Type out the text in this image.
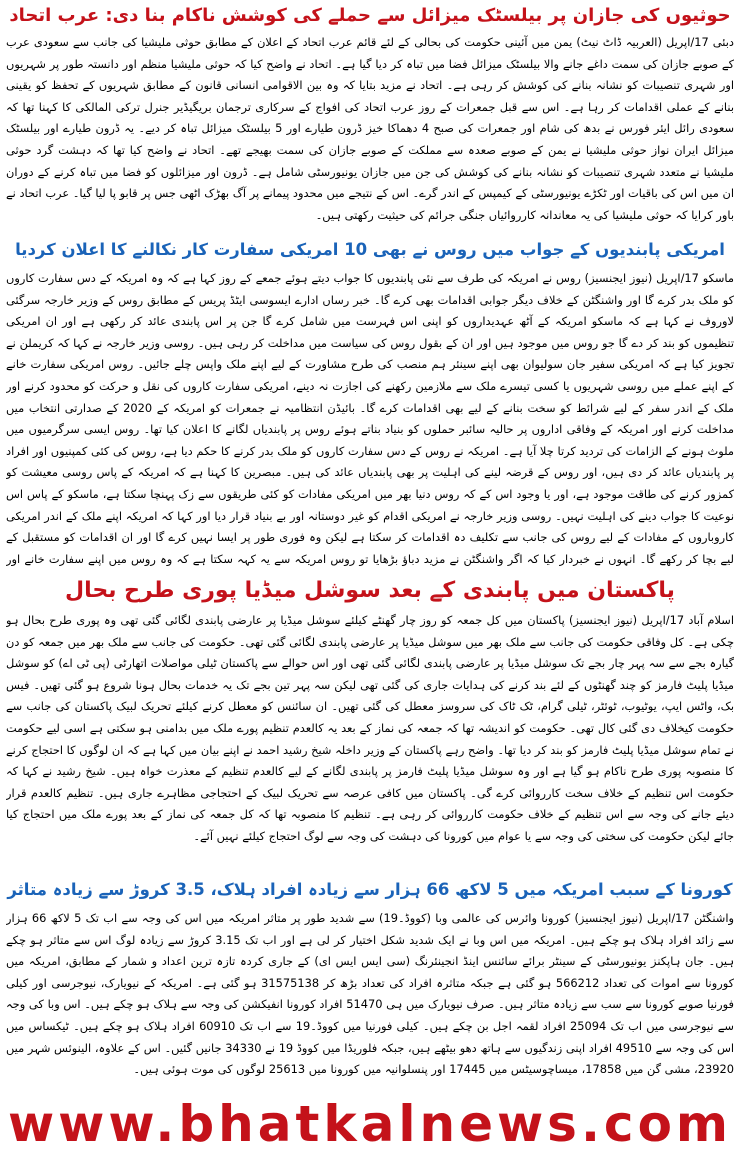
حوثیوں کی جازان پر بیلسٹک میزائل سے حملے کی کوشش ناکام بنا دی: عرب اتحاد

دبئی 17/اپریل (العربیہ ڈاٹ نیٹ) یمن میں آئینی حکومت کی بحالی کے لئے قائم عرب اتحاد کے اعلان کے مطابق حوثی ملیشیا کی جانب سے سعودی عرب کے صوبے جازان کی سمت داغے جانے والا بیلسٹک میزائل فضا میں تباہ کر دیا گیا ہے۔ اتحاد نے واضح کیا کہ حوثی ملیشیا منظم اور دانستہ طور پر شہریوں اور شہری تنصیبات کو نشانہ بنانے کی کوشش کر رہی ہے۔ اتحاد نے مزید بتایا کہ وہ بین الاقوامی انسانی قانون کے مطابق شہریوں کے تحفظ کو یقینی بنانے کے عملی اقدامات کر رہا ہے۔ اس سے قبل جمعرات کے روز عرب اتحاد کی افواج کے سرکاری ترجمان بریگیڈیر جنرل ترکی المالکی کا کہنا تھا کہ سعودی رائل ایئر فورس نے بدھ کی شام اور جمعرات کی صبح 4 دھماکا خیز ڈرون طیارے اور 5 بیلسٹک میزائل تباہ کر دیے۔ یہ ڈرون طیارے اور بیلسٹک میزائل ایران نواز حوثی ملیشیا نے یمن کے صوبے صعدہ سے مملکت کے صوبے جازان کی سمت بھیجے تھے۔ اتحاد نے واضح کیا تھا کہ دہشت گرد حوثی ملیشیا نے متعدد شہری تنصیبات کو نشانہ بنانے کی کوشش کی جن میں جازان یونیورسٹی شامل ہے۔ ڈرون اور میزائلوں کو فضا میں تباہ کرنے کے دوران ان میں اس کی باقیات اور ٹکڑے یونیورسٹی کے کیمپس کے اندر گرے۔ اس کے نتیجے میں محدود پیمانے پر آگ بھڑک اٹھی جس پر قابو پا لیا گیا۔ عرب اتحاد نے باور کرایا کہ حوثی ملیشیا کی یہ معاندانہ کارروائیاں جنگی جرائم کی حیثیت رکھتی ہیں۔

امریکی پابندیوں کے جواب میں روس نے بھی 10 امریکی سفارت کار نکالنے کا اعلان کردیا

ماسکو 17/اپریل (نیوز ایجنسیز) روس نے امریکہ کی طرف سے نئی پابندیوں کا جواب دیتے ہوئے جمعے کے روز کہا ہے کہ وہ امریکہ کے دس سفارت کاروں کو ملک بدر کرے گا اور واشنگٹن کے خلاف دیگر جوابی اقدامات بھی کرے گا۔ خبر رساں ادارے ایسوسی ایٹڈ پریس کے مطابق روس کے وزیر خارجہ سرگئی لاوروف نے کہا ہے کہ ماسکو امریکہ کے آٹھ عہدیداروں کو اپنی اس فہرست میں شامل کرے گا جن پر اس پابندی عائد کر رکھی ہے اور ان امریکی تنظیموں کو بند کر دے گا جو روس میں موجود ہیں اور ان کے بقول روس کی سیاست میں مداخلت کر رہی ہیں۔ روسی وزیر خارجہ نے کہا کہ کریملن نے تجویز کیا ہے کہ امریکی سفیر جان سولیوان بھی اپنے سینئر ہم منصب کی طرح مشاورت کے لیے اپنے ملک واپس چلے جائیں۔ روس امریکی سفارت خانے کے اپنے عملے میں روسی شہریوں یا کسی تیسرے ملک سے ملازمین رکھنے کی اجازت نہ دینے، امریکی سفارت کاروں کی نقل و حرکت کو محدود کرنے اور ملک کے اندر سفر کے لیے شرائط کو سخت بنانے کے لیے بھی اقدامات کرے گا۔ بائیڈن انتظامیہ نے جمعرات کو امریکہ کے 2020 کے صدارتی انتخاب میں مداخلت کرنے اور امریکہ کے وفاقی اداروں پر حالیہ سائبر حملوں کو بنیاد بناتے ہوئے روس پر پابندیاں لگانے کا اعلان کیا تھا۔ روس ایسی سرگرمیوں میں ملوث ہونے کے الزامات کی تردید کرتا چلا آیا ہے۔ امریکہ نے روس کے دس سفارت کاروں کو ملک بدر کرنے کا حکم دیا ہے، روس کی کئی کمپنیوں اور افراد پر پابندیاں عائد کر دی ہیں، اور روس کے قرضہ لینے کی اہلیت پر بھی پابندیاں عائد کی ہیں۔ مبصرین کا کہنا ہے کہ امریکہ کے پاس روسی معیشت کو کمزور کرنے کی طاقت موجود ہے، اور یا وجود اس کے کہ روس دنیا بھر میں امریکی مفادات کو کئی طریقوں سے زک پہنچا سکتا ہے، ماسکو کے پاس اس نوعیت کا جواب دینے کی اہلیت نہیں۔ روسی وزیر خارجہ نے امریکی اقدام کو غیر دوستانہ اور بے بنیاد قرار دیا اور کہا کہ امریکہ اپنے ملک کے اندر امریکی کاروباروں کے مفادات کے لیے روس کی جانب سے تکلیف دہ اقدامات کر سکتا ہے لیکن وہ فوری طور پر ایسا نہیں کرے گا اور ان اقدامات کو مستقبل کے لیے بچا کر رکھے گا۔ انہوں نے خبردار کیا کہ اگر واشنگٹن نے مزید دباؤ بڑھایا تو روس امریکہ سے یہ کہہ سکتا ہے کہ وہ روس میں اپنے سفارت خانے اور

پاکستان میں پابندی کے بعد سوشل میڈیا پوری طرح بحال

اسلام آباد 17/اپریل (نیوز ایجنسیز) پاکستان میں کل جمعہ کو روز چار گھنٹے کیلئے سوشل میڈیا پر عارضی پابندی لگائی گئی تھی وہ پوری طرح بحال ہو چکی ہے۔ کل وفاقی حکومت کی جانب سے ملک بھر میں سوشل میڈیا پر عارضی پابندی لگائی گئی تھی۔ حکومت کی جانب سے ملک بھر میں جمعہ کو دن گیارہ بجے سے سہ پہر چار بجے تک سوشل میڈیا پر عارضی پابندی لگائی گئی تھی اور اس حوالے سے پاکستان ٹیلی مواصلات اتھارٹی (پی ٹی اے) کو سوشل میڈیا پلیٹ فارمز کو چند گھنٹوں کے لئے بند کرنے کی ہدایات جاری کی گئی تھی لیکن سہ پہر تین بجے تک یہ خدمات بحال ہونا شروع ہو گئی تھیں۔ فیس بک، واٹس ایپ، یوٹیوب، ٹوئٹر، ٹیلی گرام، ٹک ٹاک کی سروسز معطل کی گئی تھیں۔ ان سائنس کو معطل کرنے کیلئے تحریک لبیک پاکستان کی جانب سے حکومت کیخلاف دی گئی کال تھی۔ حکومت کو اندیشہ تھا کہ جمعہ کی نماز کے بعد یہ کالعدم تنظیم پورے ملک میں بدامنی ہو سکتی ہے اسی لیے حکومت نے تمام سوشل میڈیا پلیٹ فارمز کو بند کر دیا تھا۔ واضح رہے پاکستان کے وزیر داخلہ شیخ رشید احمد نے اپنے بیان میں کہا ہے کہ ان لوگوں کا احتجاج کرنے کا منصوبہ پوری طرح ناکام ہو گیا ہے اور وہ سوشل میڈیا پلیٹ فارمز پر پابندی لگانے کے لیے کالعدم تنظیم کے معذرت خواہ ہیں۔ شیخ رشید نے کہا کہ حکومت اس تنظیم کے خلاف سخت کارروائی کرے گی۔ پاکستان میں کافی عرصہ سے تحریک لبیک کے احتجاجی مظاہرے جاری ہیں۔ تنظیم کالعدم قرار دیئے جانے کی وجہ سے اس تنظیم کے خلاف حکومت کارروائی کر رہی ہے۔ تنظیم کا منصوبہ تھا کہ کل جمعہ کی نماز کے بعد پورے ملک میں احتجاج کیا جائے لیکن حکومت کی سختی کی وجہ سے یا عوام میں کورونا کی دہشت کی وجہ سے لوگ احتجاج کیلئے نہیں آئے۔

کورونا کے سبب امریکہ میں 5 لاکھ 66 ہزار سے زیادہ افراد ہلاک، 3.5 کروڑ سے زیادہ متاثر

واشنگٹن 17/اپریل (نیوز ایجنسیز) کورونا وائرس کی عالمی وبا (کووڈ۔19) سے شدید طور پر متاثر امریکہ میں اس کی وجہ سے اب تک 5 لاکھ 66 ہزار سے زائد افراد ہلاک ہو چکے ہیں۔ امریکہ میں اس وبا نے ایک شدید شکل اختیار کر لی ہے اور اب تک 3.15 کروڑ سے زیادہ لوگ اس سے متاثر ہو چکے ہیں۔ جان ہاپکنز یونیورسٹی کے سینٹر برائے سائنس اینڈ انجینئرنگ (سی ایس ایس ای) کے جاری کردہ تازہ ترین اعداد و شمار کے مطابق، امریکہ میں کورونا سے اموات کی تعداد 566212 ہو گئی ہے جبکہ متاثرہ افراد کی تعداد بڑھ کر 31575138 ہو گئی ہے۔ امریکہ کے نیویارک، نیوجرسی اور کیلی فورنیا صوبے کورونا سے سب سے زیادہ متاثر ہیں۔ صرف نیویارک میں ہی 51470 افراد کورونا انفیکشن کی وجہ سے ہلاک ہو چکے ہیں۔ اس وبا کی وجہ سے نیوجرسی میں اب تک 25094 افراد لقمہ اجل بن چکے ہیں۔ کیلی فورنیا میں کووڈ۔19 سے اب تک 60910 افراد ہلاک ہو چکے ہیں۔ ٹیکساس میں اس کی وجہ سے 49510 افراد اپنی زندگیوں سے ہاتھ دھو بیٹھے ہیں، جبکہ فلوریڈا میں کووڈ 19 نے 34330 جانیں گئیں۔ اس کے علاوہ، الینوئس شہر میں 23920، مشی گن میں 17858، میساچوسیٹس میں 17445 اور پنسلوانیہ میں کورونا میں 25613 لوگوں کی موت ہوئی ہیں۔

www.bhatkalnews.com
